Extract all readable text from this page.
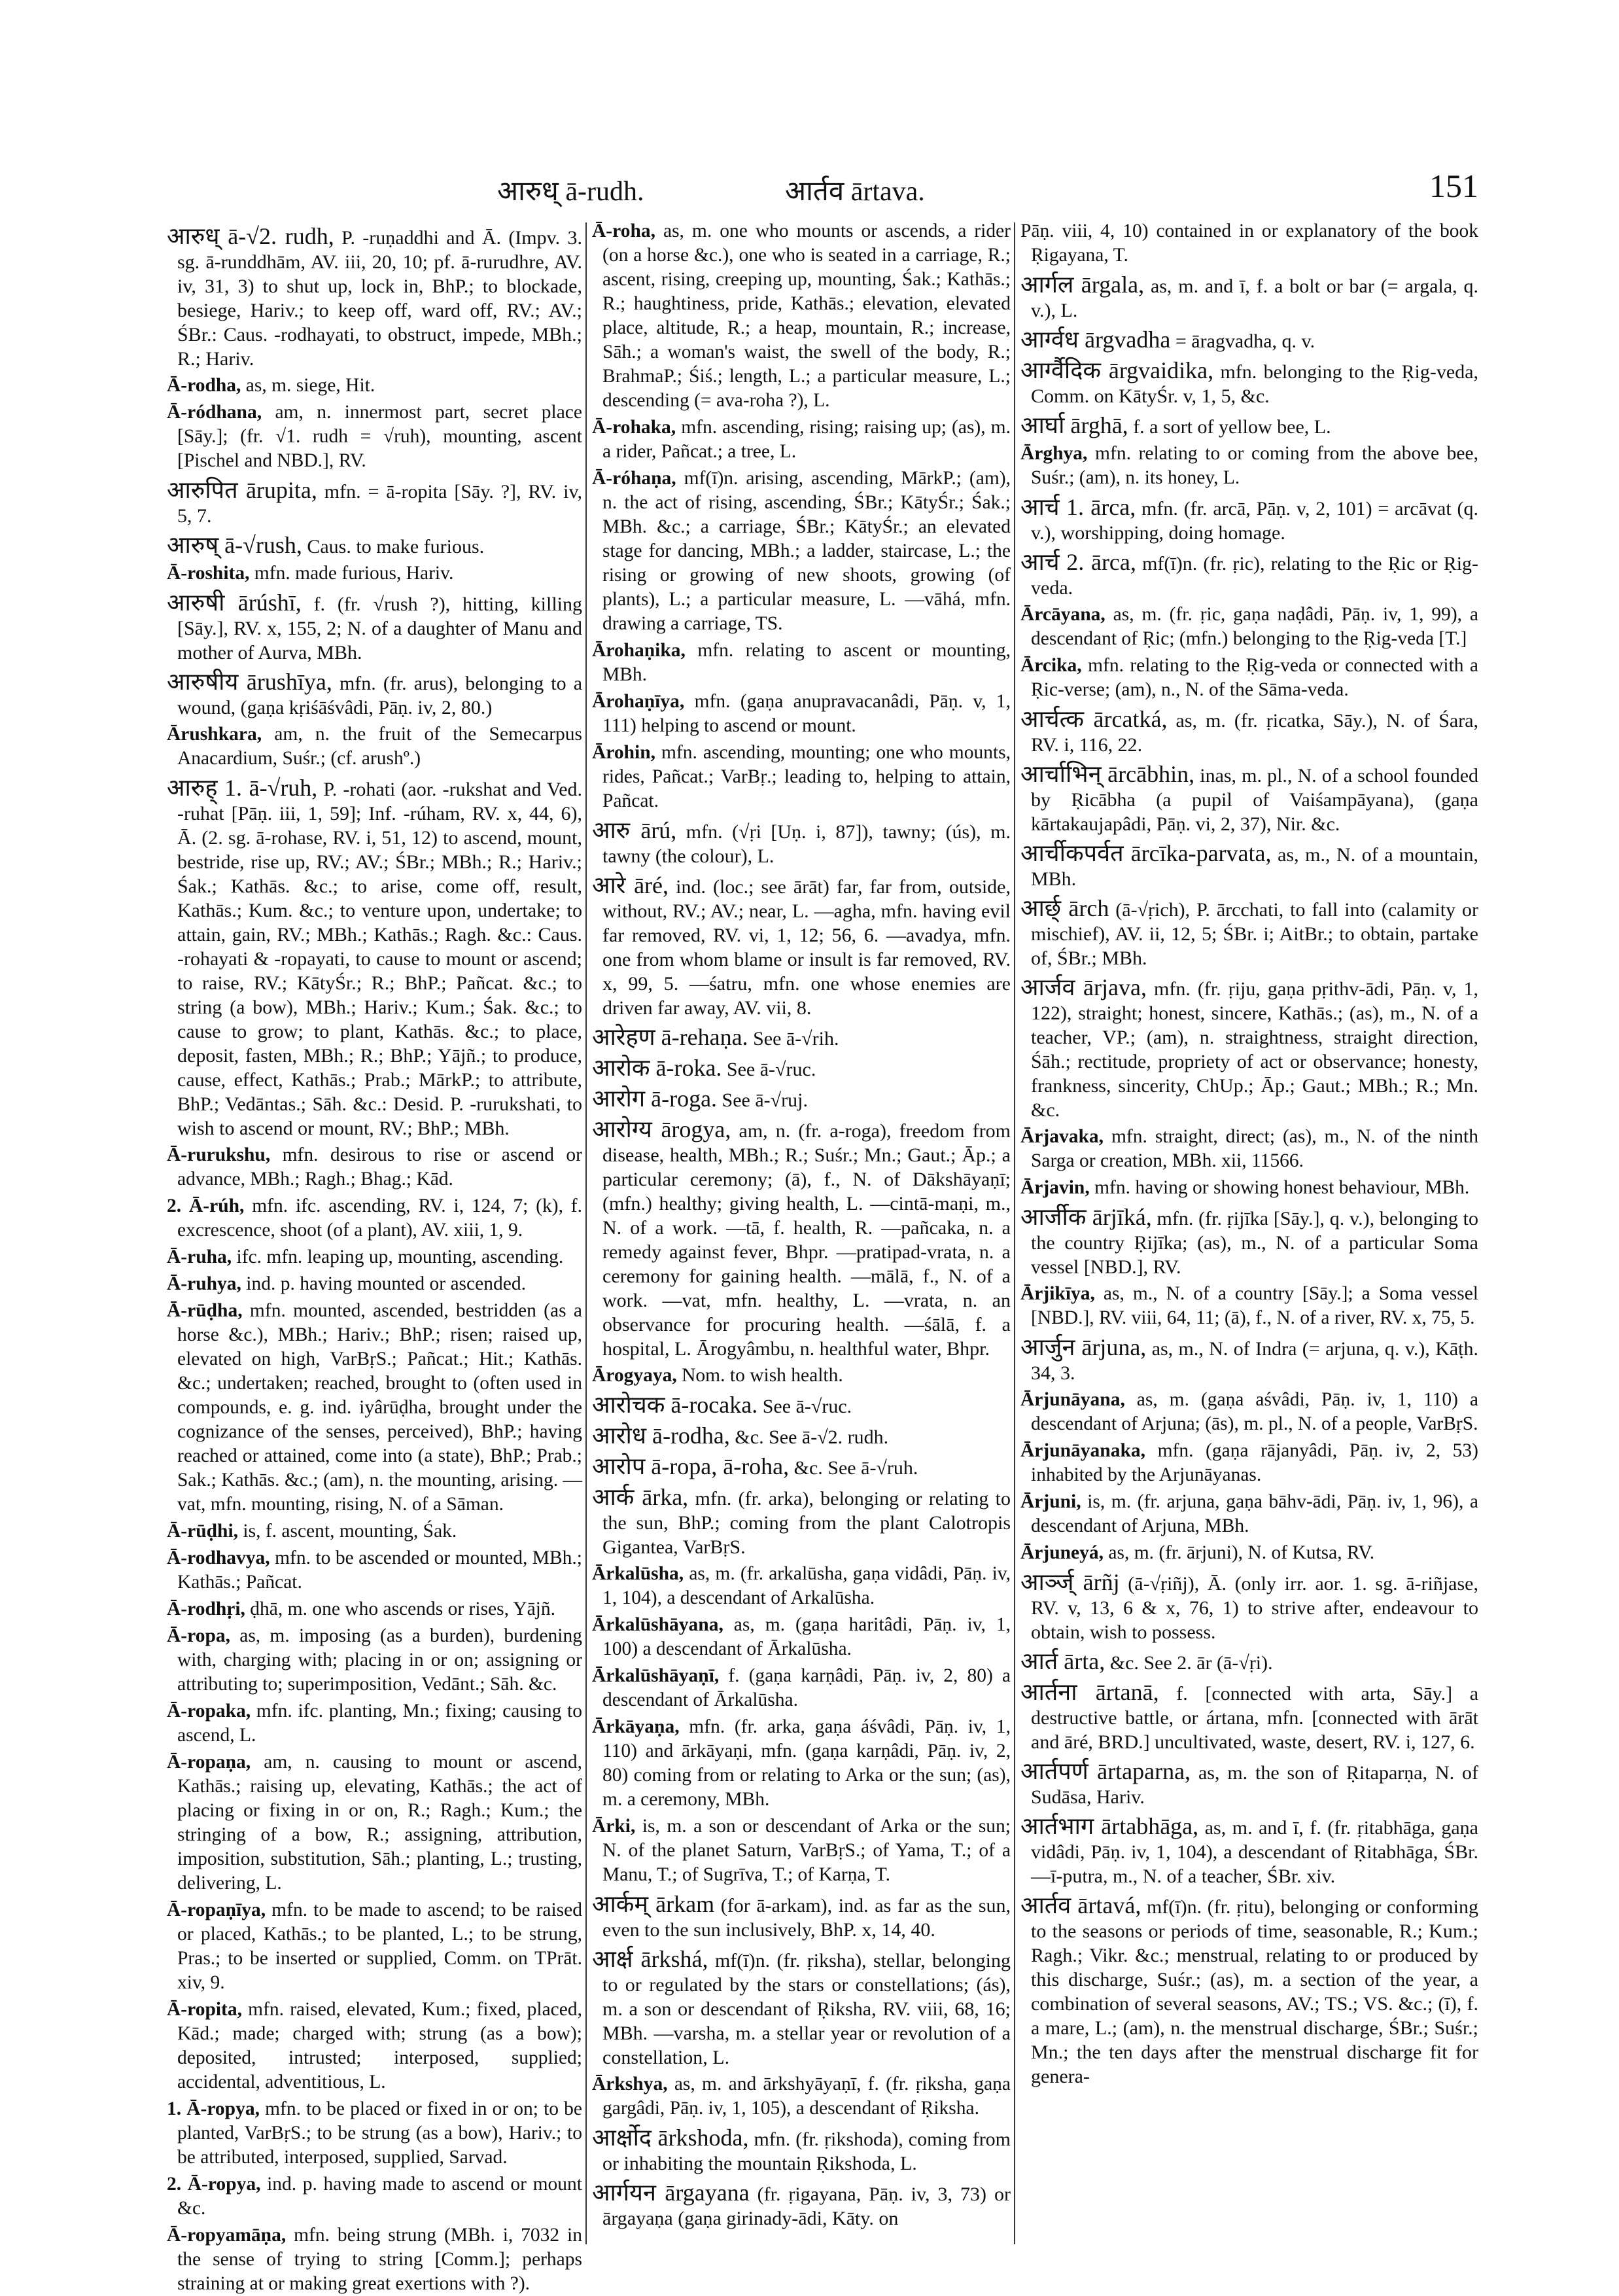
आरुध् ā-rudh.	आर्तव ārtava.	151

आरुध् ā-√2. rudh, P. -ruṇaddhi and Ā. (Impv. 3. sg. ā-runddhām, AV. iii, 20, 10; pf. ā-rurudhre, AV. iv, 31, 3) to shut up, lock in, BhP.; to blockade, besiege, Hariv.; to keep off, ward off, RV.; AV.; ŚBr.: Caus. -rodhayati, to obstruct, impede, MBh.; R.; Hariv.

Ā-rodha, as, m. siege, Hit.

Ā-ródhana, am, n. innermost part, secret place [Sāy.]; (fr. √1. rudh = √ruh), mounting, ascent [Pischel and NBD.], RV.

आरुपित ārupita, mfn. = ā-ropita [Sāy. ?], RV. iv, 5, 7.

आरुष् ā-√rush, Caus. to make furious.

Ā-roshita, mfn. made furious, Hariv.

आरुषी ārúshī, f. (fr. √rush ?), hitting, killing [Sāy.], RV. x, 155, 2; N. of a daughter of Manu and mother of Aurva, MBh.

आरुषीय ārushīya, mfn. (fr. arus), belonging to a wound, (gaṇa kṛiśāśvâdi, Pāṇ. iv, 2, 80.)

Ārushkara, am, n. the fruit of the Semecarpus Anacardium, Suśr.; (cf. arushº.)

आरुह् 1. ā-√ruh, P. -rohati (aor. -rukshat and Ved. -ruhat [Pāṇ. iii, 1, 59]; Inf. -rúham, RV. x, 44, 6), Ā. (2. sg. ā-rohase, RV. i, 51, 12) to ascend, mount, bestride, rise up, RV.; AV.; ŚBr.; MBh.; R.; Hariv.; Śak.; Kathās. &c.; to arise, come off, result, Kathās.; Kum. &c.; to venture upon, undertake; to attain, gain, RV.; MBh.; Kathās.; Ragh. &c.: Caus. -rohayati & -ropayati, to cause to mount or ascend; to raise, RV.; KātyŚr.; R.; BhP.; Pañcat. &c.; to string (a bow), MBh.; Hariv.; Kum.; Śak. &c.; to cause to grow; to plant, Kathās. &c.; to place, deposit, fasten, MBh.; R.; BhP.; Yājñ.; to produce, cause, effect, Kathās.; Prab.; MārkP.; to attribute, BhP.; Vedāntas.; Sāh. &c.: Desid. P. -rurukshati, to wish to ascend or mount, RV.; BhP.; MBh.

Ā-rurukshu, mfn. desirous to rise or ascend or advance, MBh.; Ragh.; Bhag.; Kād.

2. Ā-rúh, mfn. ifc. ascending, RV. i, 124, 7; (k), f. excrescence, shoot (of a plant), AV. xiii, 1, 9.

Ā-ruha, ifc. mfn. leaping up, mounting, ascending.

Ā-ruhya, ind. p. having mounted or ascended.

Ā-rūḍha, mfn. mounted, ascended, bestridden (as a horse &c.), MBh.; Hariv.; BhP.; risen; raised up, elevated on high, VarBṛS.; Pañcat.; Hit.; Kathās. &c.; undertaken; reached, brought to (often used in compounds, e. g. ind. iyârūḍha, brought under the cognizance of the senses, perceived), BhP.; having reached or attained, come into (a state), BhP.; Prab.; Sak.; Kathās. &c.; (am), n. the mounting, arising. —vat, mfn. mounting, rising, N. of a Sāman.

Ā-rūḍhi, is, f. ascent, mounting, Śak.

Ā-rodhavya, mfn. to be ascended or mounted, MBh.; Kathās.; Pañcat.

Ā-rodhṛi, ḍhā, m. one who ascends or rises, Yājñ.

Ā-ropa, as, m. imposing (as a burden), burdening with, charging with; placing in or on; assigning or attributing to; superimposition, Vedānt.; Sāh. &c.

Ā-ropaka, mfn. ifc. planting, Mn.; fixing; causing to ascend, L.

Ā-ropaṇa, am, n. causing to mount or ascend, Kathās.; raising up, elevating, Kathās.; the act of placing or fixing in or on, R.; Ragh.; Kum.; the stringing of a bow, R.; assigning, attribution, imposition, substitution, Sāh.; planting, L.; trusting, delivering, L.

Ā-ropaṇīya, mfn. to be made to ascend; to be raised or placed, Kathās.; to be planted, L.; to be strung, Pras.; to be inserted or supplied, Comm. on TPrāt. xiv, 9.

Ā-ropita, mfn. raised, elevated, Kum.; fixed, placed, Kād.; made; charged with; strung (as a bow); deposited, intrusted; interposed, supplied; accidental, adventitious, L.

1. Ā-ropya, mfn. to be placed or fixed in or on; to be planted, VarBṛS.; to be strung (as a bow), Hariv.; to be attributed, interposed, supplied, Sarvad.

2. Ā-ropya, ind. p. having made to ascend or mount &c.

Ā-ropyamāṇa, mfn. being strung (MBh. i, 7032 in the sense of trying to string [Comm.]; perhaps straining at or making great exertions with ?).

Ā-roha, as, m. one who mounts or ascends, a rider (on a horse &c.), one who is seated in a carriage, R.; ascent, rising, creeping up, mounting, Śak.; Kathās.; R.; haughtiness, pride, Kathās.; elevation, elevated place, altitude, R.; a heap, mountain, R.; increase, Sāh.; a woman's waist, the swell of the body, R.; BrahmaP.; Śiś.; length, L.; a particular measure, L.; descending (= ava-roha ?), L.

Ā-rohaka, mfn. ascending, rising; raising up; (as), m. a rider, Pañcat.; a tree, L.

Ā-róhaṇa, mf(ī)n. arising, ascending, MārkP.; (am), n. the act of rising, ascending, ŚBr.; KātyŚr.; Śak.; MBh. &c.; a carriage, ŚBr.; KātyŚr.; an elevated stage for dancing, MBh.; a ladder, staircase, L.; the rising or growing of new shoots, growing (of plants), L.; a particular measure, L. —vāhá, mfn. drawing a carriage, TS.

Ārohaṇika, mfn. relating to ascent or mounting, MBh.

Ārohaṇīya, mfn. (gaṇa anupravacanâdi, Pāṇ. v, 1, 111) helping to ascend or mount.

Ārohin, mfn. ascending, mounting; one who mounts, rides, Pañcat.; VarBṛ.; leading to, helping to attain, Pañcat.

आरु ārú, mfn. (√ṛi [Uṇ. i, 87]), tawny; (ús), m. tawny (the colour), L.

आरे āré, ind. (loc.; see ārāt) far, far from, outside, without, RV.; AV.; near, L. —agha, mfn. having evil far removed, RV. vi, 1, 12; 56, 6. —avadya, mfn. one from whom blame or insult is far removed, RV. x, 99, 5. —śatru, mfn. one whose enemies are driven far away, AV. vii, 8.

आरेहण ā-rehaṇa. See ā-√rih.

आरोक ā-roka. See ā-√ruc.

आरोग ā-roga. See ā-√ruj.

आरोग्य ārogya, am, n. (fr. a-roga), freedom from disease, health, MBh.; R.; Suśr.; Mn.; Gaut.; Āp.; a particular ceremony; (ā), f., N. of Dākshāyaṇī; (mfn.) healthy; giving health, L. —cintā-maṇi, m., N. of a work. —tā, f. health, R. —pañcaka, n. a remedy against fever, Bhpr. —pratipad-vrata, n. a ceremony for gaining health. —mālā, f., N. of a work. —vat, mfn. healthy, L. —vrata, n. an observance for procuring health. —śālā, f. a hospital, L. Ārogyâmbu, n. healthful water, Bhpr.

Ārogyaya, Nom. to wish health.

आरोचक ā-rocaka. See ā-√ruc.

आरोध ā-rodha, &c. See ā-√2. rudh.

आरोप ā-ropa, ā-roha, &c. See ā-√ruh.

आर्क ārka, mfn. (fr. arka), belonging or relating to the sun, BhP.; coming from the plant Calotropis Gigantea, VarBṛS.

Ārkalūsha, as, m. (fr. arkalūsha, gaṇa vidâdi, Pāṇ. iv, 1, 104), a descendant of Arkalūsha.

Ārkalūshāyana, as, m. (gaṇa haritâdi, Pāṇ. iv, 1, 100) a descendant of Ārkalūsha.

Ārkalūshāyaṇī, f. (gaṇa karṇâdi, Pāṇ. iv, 2, 80) a descendant of Ārkalūsha.

Ārkāyaṇa, mfn. (fr. arka, gaṇa áśvâdi, Pāṇ. iv, 1, 110) and ārkāyaṇi, mfn. (gaṇa karṇâdi, Pāṇ. iv, 2, 80) coming from or relating to Arka or the sun; (as), m. a ceremony, MBh.

Ārki, is, m. a son or descendant of Arka or the sun; N. of the planet Saturn, VarBṛS.; of Yama, T.; of a Manu, T.; of Sugrīva, T.; of Karṇa, T.

आर्कम् ārkam (for ā-arkam), ind. as far as the sun, even to the sun inclusively, BhP. x, 14, 40.

आर्क्ष ārkshá, mf(ī)n. (fr. ṛiksha), stellar, belonging to or regulated by the stars or constellations; (ás), m. a son or descendant of Ṛiksha, RV. viii, 68, 16; MBh. —varsha, m. a stellar year or revolution of a constellation, L.

Ārkshya, as, m. and ārkshyāyaṇī, f. (fr. ṛiksha, gaṇa gargâdi, Pāṇ. iv, 1, 105), a descendant of Ṛiksha.

आर्क्षोद ārkshoda, mfn. (fr. ṛikshoda), coming from or inhabiting the mountain Ṛikshoda, L.

आर्गयन ārgayana (fr. ṛigayana, Pāṇ. iv, 3, 73) or ārgayaṇa (gaṇa girinady-ādi, Kāty. on

Pāṇ. viii, 4, 10) contained in or explanatory of the book Ṛigayana, T.

आर्गल ārgala, as, m. and ī, f. a bolt or bar (= argala, q. v.), L.

आर्ग्वध ārgvadha = āragvadha, q. v.

आर्ग्वैदिक ārgvaidika, mfn. belonging to the Ṛig-veda, Comm. on KātyŚr. v, 1, 5, &c.

आर्घा ārghā, f. a sort of yellow bee, L.

Ārghya, mfn. relating to or coming from the above bee, Suśr.; (am), n. its honey, L.

आर्च 1. ārca, mfn. (fr. arcā, Pāṇ. v, 2, 101) = arcāvat (q. v.), worshipping, doing homage.

आर्च 2. ārca, mf(ī)n. (fr. ṛic), relating to the Ṛic or Ṛig-veda.

Ārcāyana, as, m. (fr. ṛic, gaṇa naḍâdi, Pāṇ. iv, 1, 99), a descendant of Ṛic; (mfn.) belonging to the Ṛig-veda [T.]

Ārcika, mfn. relating to the Ṛig-veda or connected with a Ṛic-verse; (am), n., N. of the Sāma-veda.

आर्चत्क ārcatká, as, m. (fr. ṛicatka, Sāy.), N. of Śara, RV. i, 116, 22.

आर्चाभिन् ārcābhin, inas, m. pl., N. of a school founded by Ṛicābha (a pupil of Vaiśampāyana), (gaṇa kārtakaujapâdi, Pāṇ. vi, 2, 37), Nir. &c.

आर्चीकपर्वत ārcīka-parvata, as, m., N. of a mountain, MBh.

आर्छ् ārch (ā-√ṛich), P. ārcchati, to fall into (calamity or mischief), AV. ii, 12, 5; ŚBr. i; AitBr.; to obtain, partake of, ŚBr.; MBh.

आर्जव ārjava, mfn. (fr. ṛiju, gaṇa pṛithv-ādi, Pāṇ. v, 1, 122), straight; honest, sincere, Kathās.; (as), m., N. of a teacher, VP.; (am), n. straightness, straight direction, Śāh.; rectitude, propriety of act or observance; honesty, frankness, sincerity, ChUp.; Āp.; Gaut.; MBh.; R.; Mn. &c.

Ārjavaka, mfn. straight, direct; (as), m., N. of the ninth Sarga or creation, MBh. xii, 11566.

Ārjavin, mfn. having or showing honest behaviour, MBh.

आर्जीक ārjīká, mfn. (fr. ṛijīka [Sāy.], q. v.), belonging to the country Ṛijīka; (as), m., N. of a particular Soma vessel [NBD.], RV.

Ārjikīya, as, m., N. of a country [Sāy.]; a Soma vessel [NBD.], RV. viii, 64, 11; (ā), f., N. of a river, RV. x, 75, 5.

आर्जुन ārjuna, as, m., N. of Indra (= arjuna, q. v.), Kāṭh. 34, 3.

Ārjunāyana, as, m. (gaṇa aśvâdi, Pāṇ. iv, 1, 110) a descendant of Arjuna; (ās), m. pl., N. of a people, VarBṛS.

Ārjunāyanaka, mfn. (gaṇa rājanyâdi, Pāṇ. iv, 2, 53) inhabited by the Arjunāyanas.

Ārjuni, is, m. (fr. arjuna, gaṇa bāhv-ādi, Pāṇ. iv, 1, 96), a descendant of Arjuna, MBh.

Ārjuneyá, as, m. (fr. ārjuni), N. of Kutsa, RV.

आर्ञ्ज् ārñj (ā-√ṛiñj), Ā. (only irr. aor. 1. sg. ā-riñjase, RV. v, 13, 6 & x, 76, 1) to strive after, endeavour to obtain, wish to possess.

आर्त ārta, &c. See 2. ār (ā-√ṛi).

आर्तना ārtanā, f. [connected with arta, Sāy.] a destructive battle, or ártana, mfn. [connected with ārāt and āré, BRD.] uncultivated, waste, desert, RV. i, 127, 6.

आर्तपर्ण ārtaparna, as, m. the son of Ṛitaparṇa, N. of Sudāsa, Hariv.

आर्तभाग ārtabhāga, as, m. and ī, f. (fr. ṛitabhāga, gaṇa vidâdi, Pāṇ. iv, 1, 104), a descendant of Ṛitabhāga, ŚBr. —ī-putra, m., N. of a teacher, ŚBr. xiv.

आर्तव ārtavá, mf(ī)n. (fr. ṛitu), belonging or conforming to the seasons or periods of time, seasonable, R.; Kum.; Ragh.; Vikr. &c.; menstrual, relating to or produced by this discharge, Suśr.; (as), m. a section of the year, a combination of several seasons, AV.; TS.; VS. &c.; (ī), f. a mare, L.; (am), n. the menstrual discharge, ŚBr.; Suśr.; Mn.; the ten days after the menstrual discharge fit for genera-
